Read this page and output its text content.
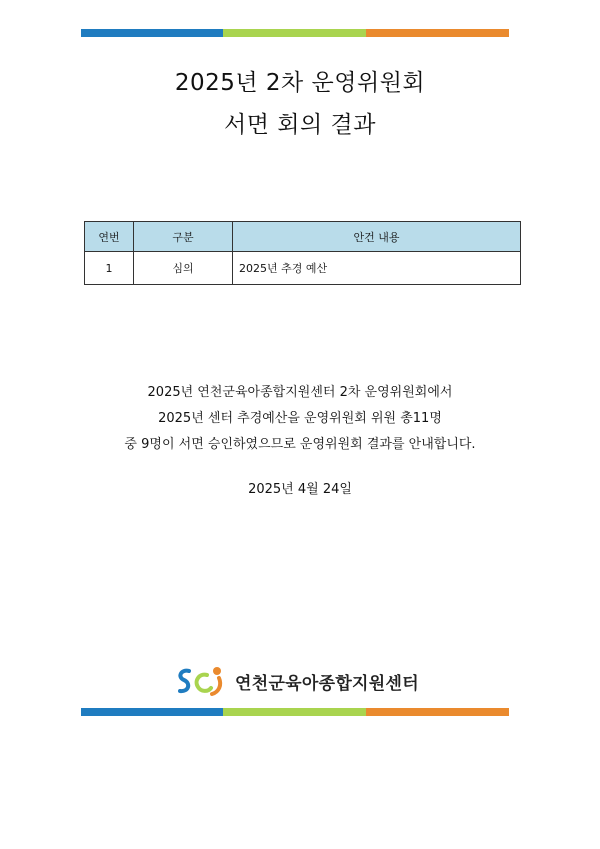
2025년 2차 운영위원회
서면 회의 결과
연번	구분	안건 내용
1	심의	2025년 추경 예산

2025년 연천군육아종합지원센터 2차 운영위원회에서

2025년 센터 추경예산을 운영위원회 위원 총11명

중 9명이 서면 승인하였으므로 운영위원회 결과를 안내합니다.

2025년 4월 24일
연천군육아종합지원센터
